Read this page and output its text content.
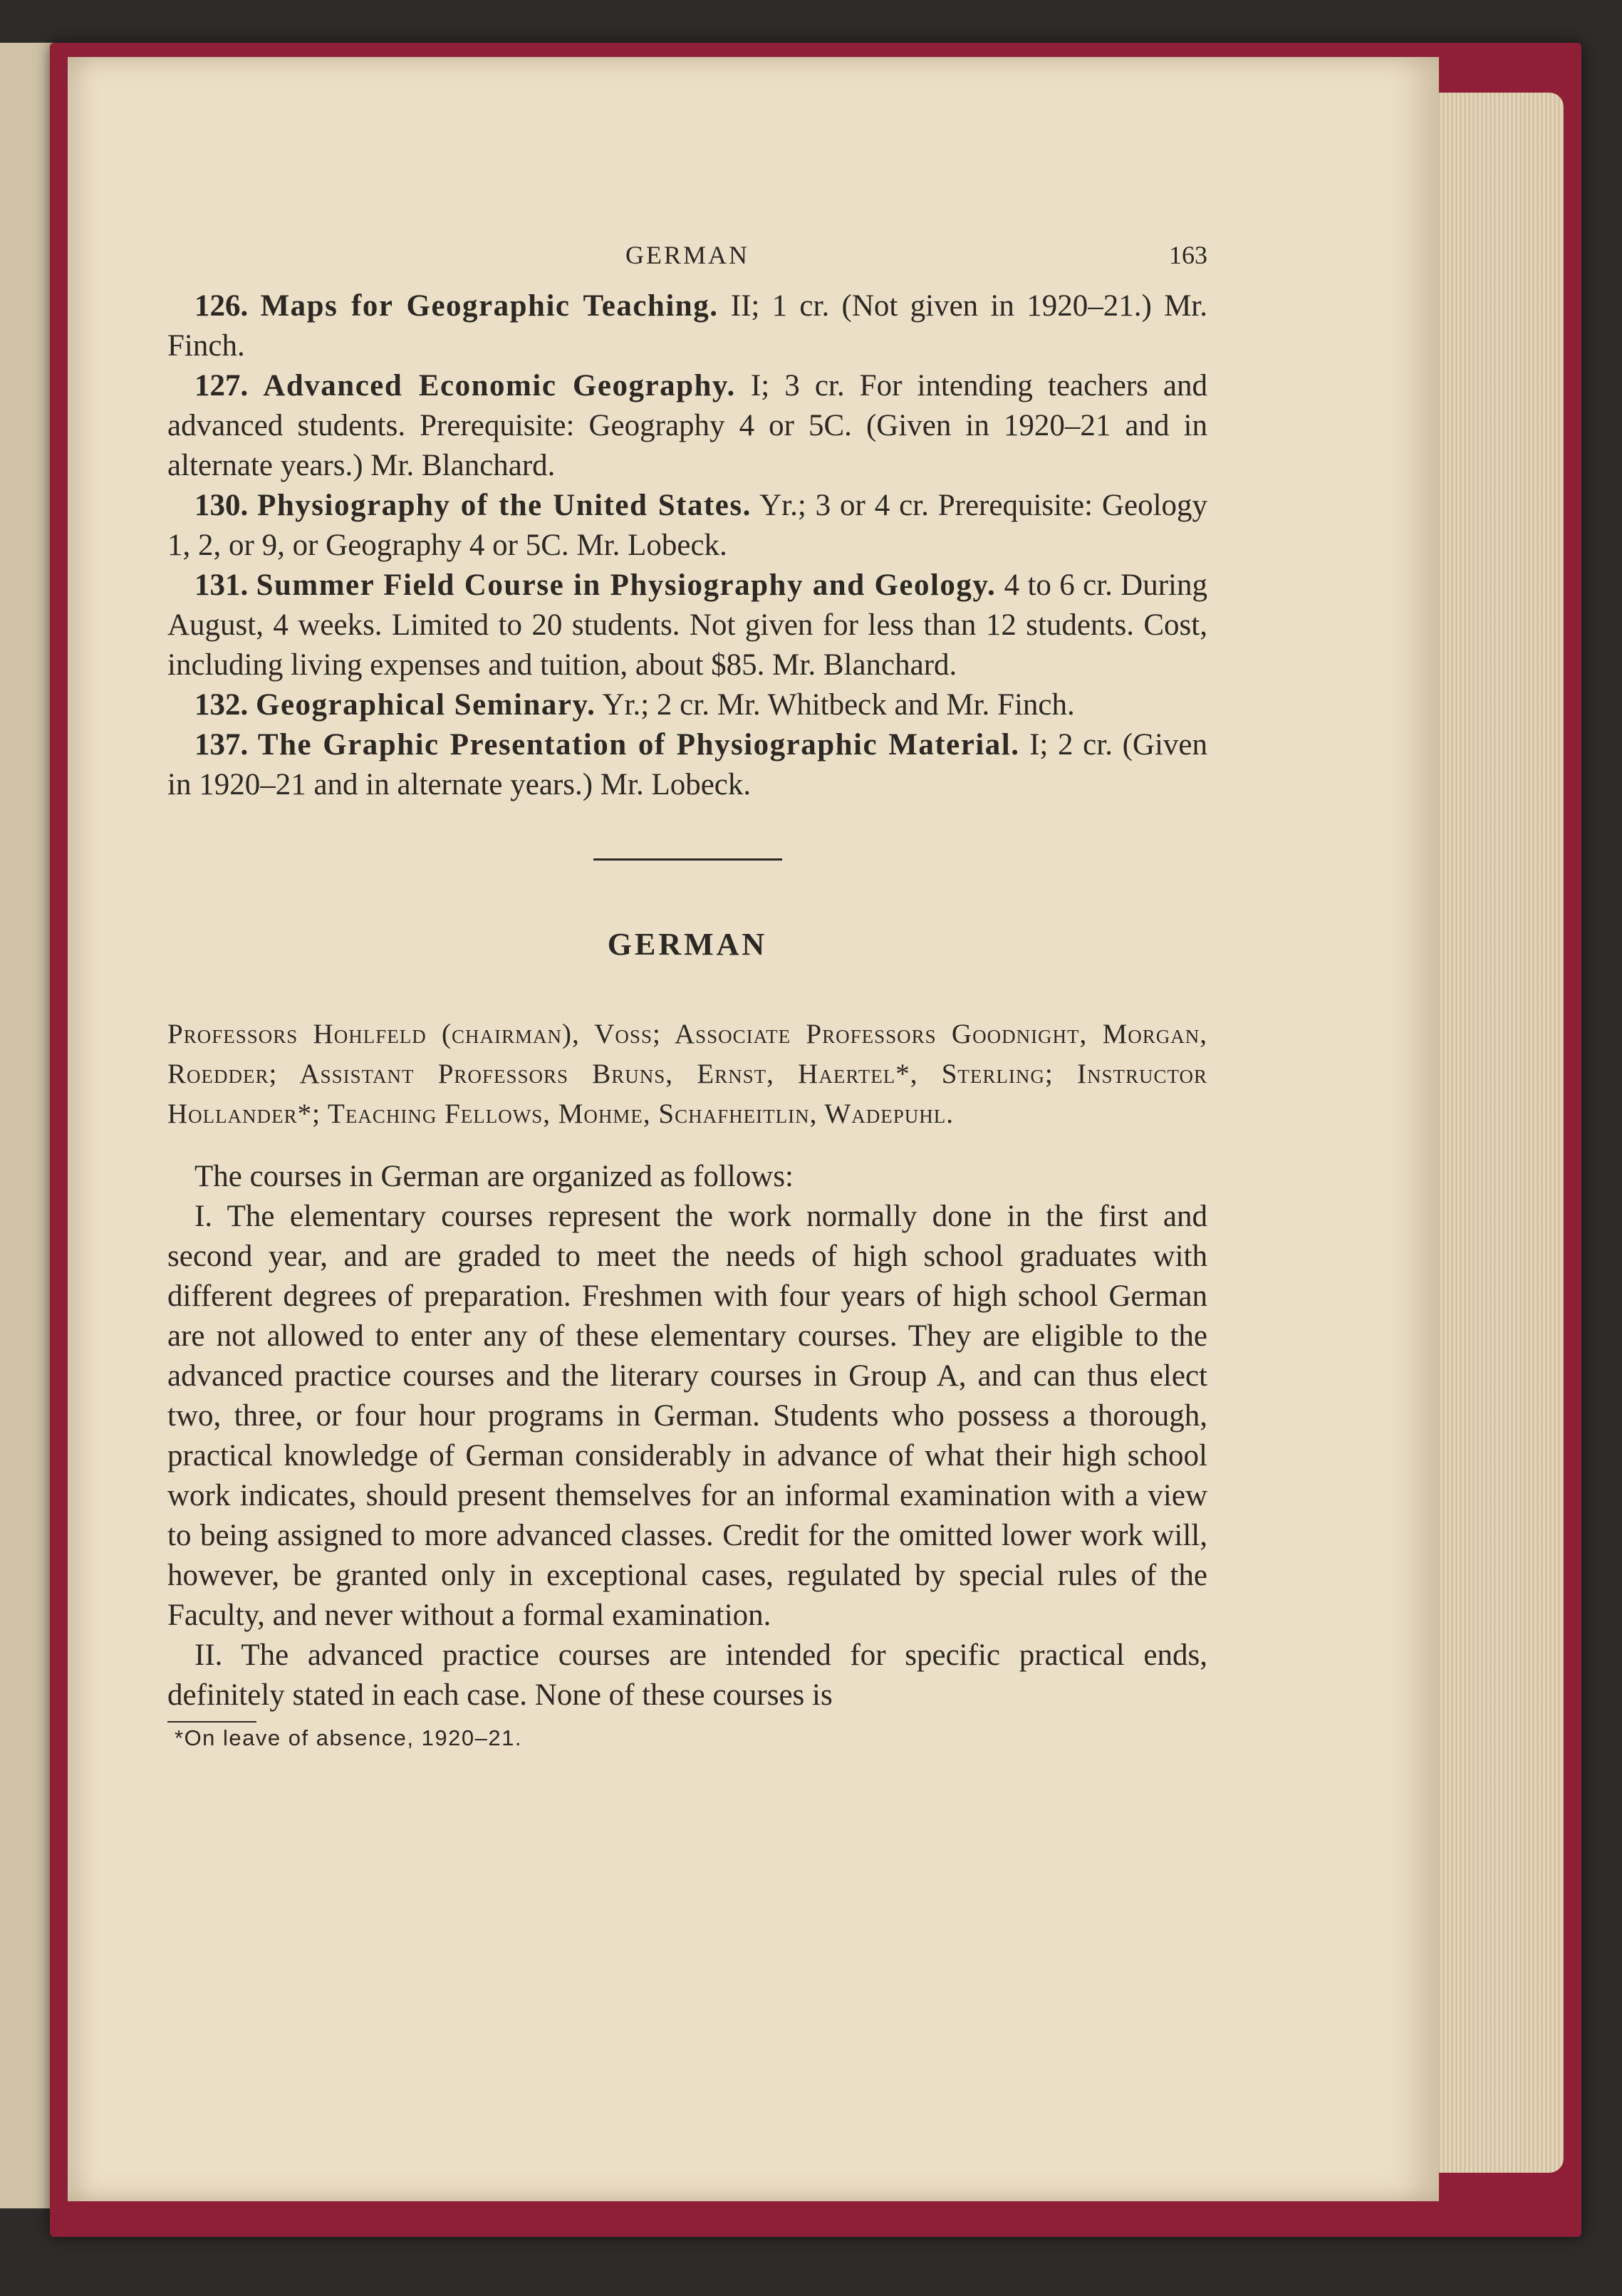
GERMAN	163

126. Maps for Geographic Teaching. II; 1 cr. (Not given in 1920–21.) Mr. Finch.

127. Advanced Economic Geography. I; 3 cr. For intending teachers and advanced students. Prerequisite: Geography 4 or 5C. (Given in 1920–21 and in alternate years.) Mr. Blanchard.

130. Physiography of the United States. Yr.; 3 or 4 cr. Prerequisite: Geology 1, 2, or 9, or Geography 4 or 5C. Mr. Lobeck.

131. Summer Field Course in Physiography and Geology. 4 to 6 cr. During August, 4 weeks. Limited to 20 students. Not given for less than 12 students. Cost, including living expenses and tuition, about $85. Mr. Blanchard.

132. Geographical Seminary. Yr.; 2 cr. Mr. Whitbeck and Mr. Finch.

137. The Graphic Presentation of Physiographic Material. I; 2 cr. (Given in 1920–21 and in alternate years.) Mr. Lobeck.

GERMAN
Professors Hohlfeld (chairman), Voss; Associate Professors Goodnight, Morgan, Roedder; Assistant Professors Bruns, Ernst, Haertel*, Sterling; Instructor Hollander*; Teaching Fellows, Mohme, Schafheitlin, Wadepuhl.

The courses in German are organized as follows:

I. The elementary courses represent the work normally done in the first and second year, and are graded to meet the needs of high school graduates with different degrees of preparation. Freshmen with four years of high school German are not allowed to enter any of these elementary courses. They are eligible to the advanced practice courses and the literary courses in Group A, and can thus elect two, three, or four hour programs in German. Students who possess a thorough, practical knowledge of German considerably in advance of what their high school work indicates, should present themselves for an informal examination with a view to being assigned to more advanced classes. Credit for the omitted lower work will, however, be granted only in exceptional cases, regulated by special rules of the Faculty, and never without a formal examination.

II. The advanced practice courses are intended for specific practical ends, definitely stated in each case. None of these courses is

*On leave of absence, 1920–21.
